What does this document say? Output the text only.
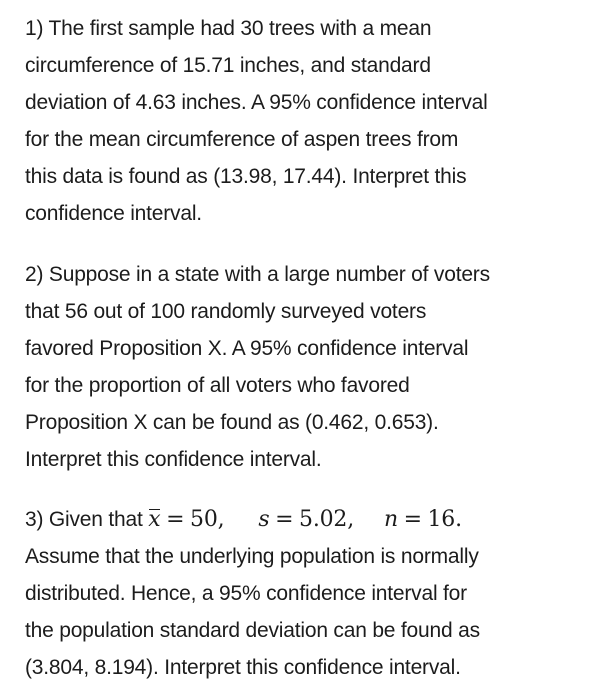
1) The first sample had 30 trees with a mean
circumference of 15.71 inches, and standard
deviation of 4.63 inches. A 95% confidence interval
for the mean circumference of aspen trees from
this data is found as (13.98, 17.44). Interpret this
confidence interval.

2) Suppose in a state with a large number of voters
that 56 out of 100 randomly surveyed voters
favored Proposition X. A 95% confidence interval
for the proportion of all voters who favored
Proposition X can be found as (0.462, 0.653).
Interpret this confidence interval.

3) Given that x = 50, s = 5.02, n = 16.
Assume that the underlying population is normally
distributed. Hence, a 95% confidence interval for
the population standard deviation can be found as
(3.804, 8.194). Interpret this confidence interval.
